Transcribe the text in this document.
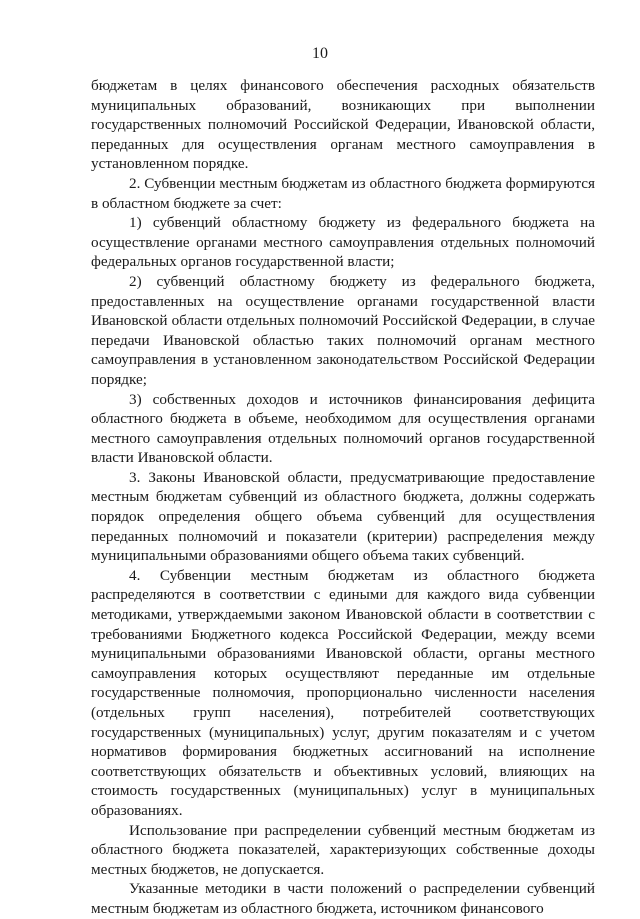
10

бюджетам в целях финансового обеспечения расходных обязательств муниципальных образований, возникающих при выполнении государственных полномочий Российской Федерации, Ивановской области, переданных для осуществления органам местного самоуправления в установленном порядке.

2. Субвенции местным бюджетам из областного бюджета формируются в областном бюджете за счет:

1) субвенций областному бюджету из федерального бюджета на осуществление органами местного самоуправления отдельных полномочий федеральных органов государственной власти;

2) субвенций областному бюджету из федерального бюджета, предоставленных на осуществление органами государственной власти Ивановской области отдельных полномочий Российской Федерации, в случае передачи Ивановской областью таких полномочий органам местного самоуправления в установленном законодательством Российской Федерации порядке;

3) собственных доходов и источников финансирования дефицита областного бюджета в объеме, необходимом для осуществления органами местного самоуправления отдельных полномочий органов государственной власти Ивановской области.

3. Законы Ивановской области, предусматривающие предоставление местным бюджетам субвенций из областного бюджета, должны содержать порядок определения общего объема субвенций для осуществления переданных полномочий и показатели (критерии) распределения между муниципальными образованиями общего объема таких субвенций.

4. Субвенции местным бюджетам из областного бюджета распределяются в соответствии с едиными для каждого вида субвенции методиками, утверждаемыми законом Ивановской области в соответствии с требованиями Бюджетного кодекса Российской Федерации, между всеми муниципальными образованиями Ивановской области, органы местного самоуправления которых осуществляют переданные им отдельные государственные полномочия, пропорционально численности населения (отдельных групп населения), потребителей соответствующих государственных (муниципальных) услуг, другим показателям и с учетом нормативов формирования бюджетных ассигнований на исполнение соответствующих обязательств и объективных условий, влияющих на стоимость государственных (муниципальных) услуг в муниципальных образованиях.

Использование при распределении субвенций местным бюджетам из областного бюджета показателей, характеризующих собственные доходы местных бюджетов, не допускается.

Указанные методики в части положений о распределении субвенций местным бюджетам из областного бюджета, источником финансового
